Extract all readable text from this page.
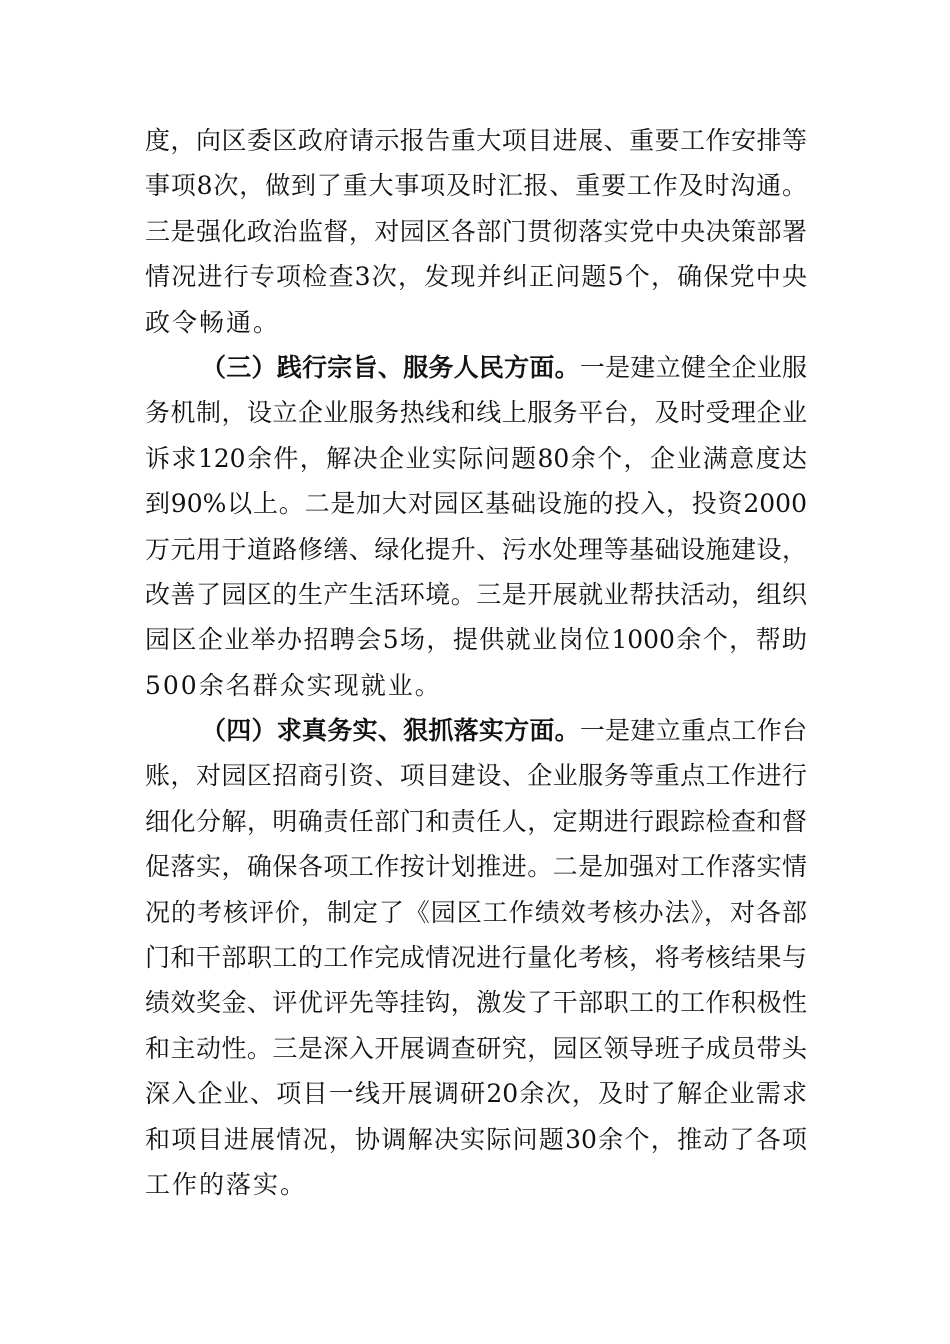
度，向区委区政府请示报告重大项目进展、重要工作安排等
事项8次，做到了重大事项及时汇报、重要工作及时沟通。
三是强化政治监督，对园区各部门贯彻落实党中央决策部署
情况进行专项检查3次，发现并纠正问题5个，确保党中央
政令畅通。
（三）践行宗旨、服务人民方面。一是建立健全企业服
务机制，设立企业服务热线和线上服务平台，及时受理企业
诉求120余件，解决企业实际问题80余个，企业满意度达
到90%以上。二是加大对园区基础设施的投入，投资2000
万元用于道路修缮、绿化提升、污水处理等基础设施建设，
改善了园区的生产生活环境。三是开展就业帮扶活动，组织
园区企业举办招聘会5场，提供就业岗位1000余个，帮助
500余名群众实现就业。
（四）求真务实、狠抓落实方面。一是建立重点工作台
账，对园区招商引资、项目建设、企业服务等重点工作进行
细化分解，明确责任部门和责任人，定期进行跟踪检查和督
促落实，确保各项工作按计划推进。二是加强对工作落实情
况的考核评价，制定了《园区工作绩效考核办法》，对各部
门和干部职工的工作完成情况进行量化考核，将考核结果与
绩效奖金、评优评先等挂钩，激发了干部职工的工作积极性
和主动性。三是深入开展调查研究，园区领导班子成员带头
深入企业、项目一线开展调研20余次，及时了解企业需求
和项目进展情况，协调解决实际问题30余个，推动了各项
工作的落实。
